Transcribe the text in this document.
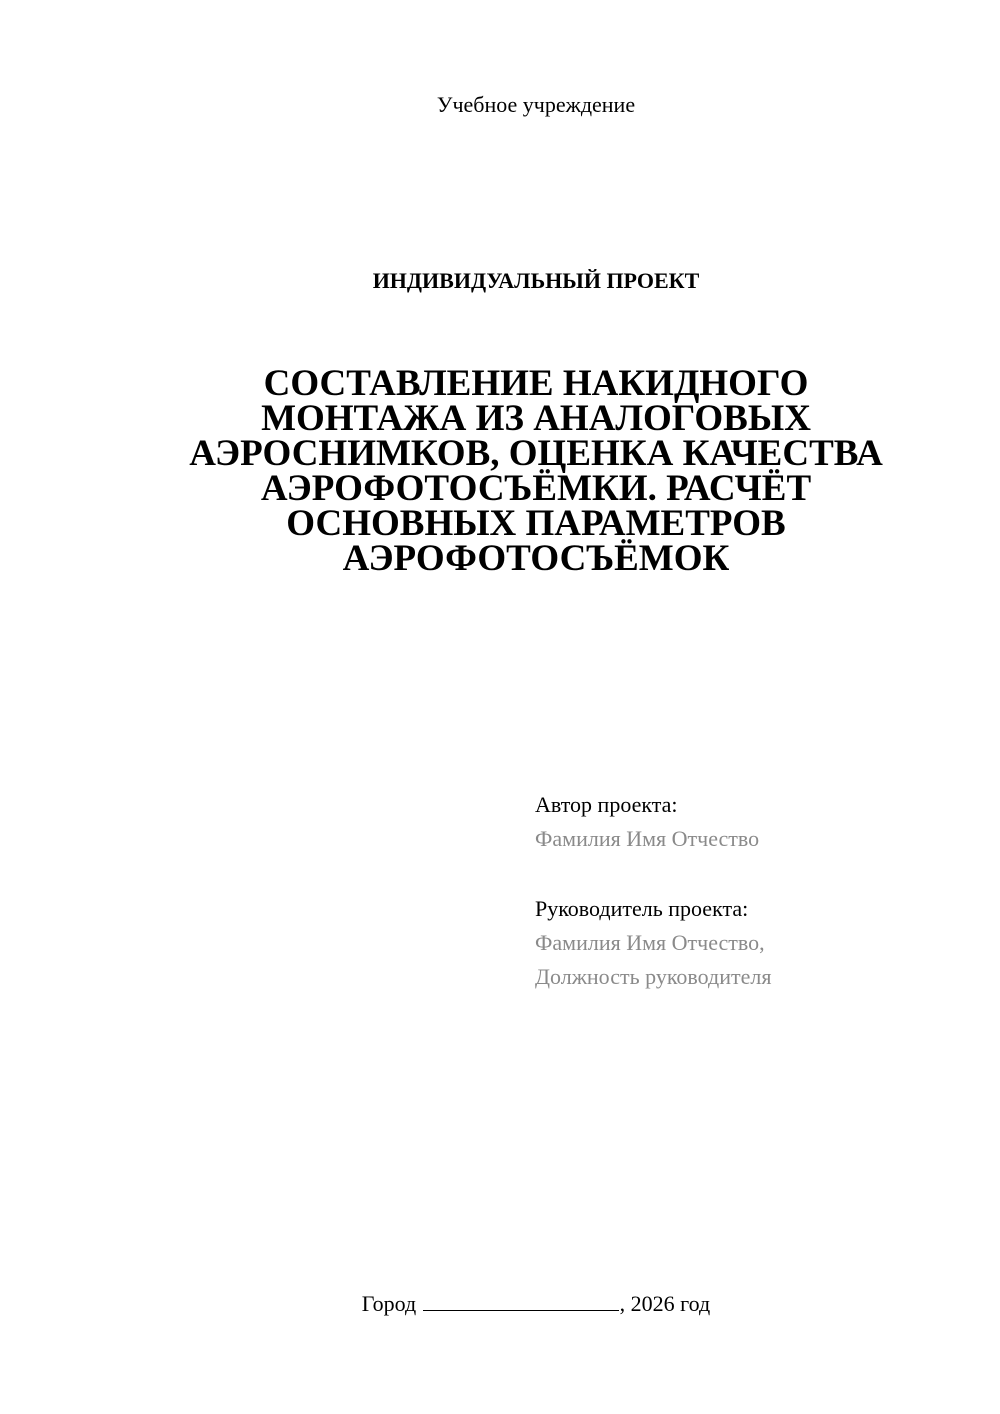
Учебное учреждение
ИНДИВИДУАЛЬНЫЙ ПРОЕКТ
СОСТАВЛЕНИЕ НАКИДНОГО
МОНТАЖА ИЗ АНАЛОГОВЫХ
АЭРОСНИМКОВ, ОЦЕНКА КАЧЕСТВА
АЭРОФОТОСЪЁМКИ. РАСЧЁТ
ОСНОВНЫХ ПАРАМЕТРОВ
АЭРОФОТОСЪЁМОК
Автор проекта:
Фамилия Имя Отчество
Руководитель проекта:
Фамилия Имя Отчество,
Должность руководителя
Город	, 2026 год
